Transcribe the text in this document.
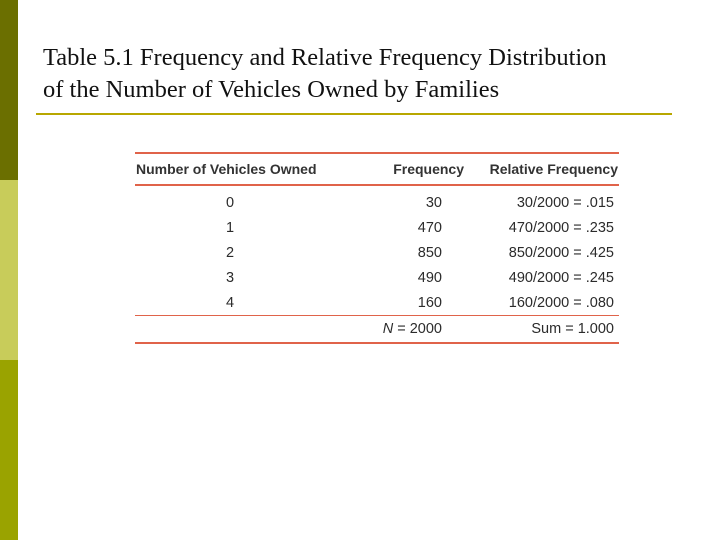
Table 5.1 Frequency and Relative Frequency Distribution
of the Number of Vehicles Owned by Families

Number of Vehicles Owned	Frequency	Relative Frequency

0	30	30/2000 = .015
1	470	470/2000 = .235
2	850	850/2000 = .425
3	490	490/2000 = .245
4	160	160/2000 = .080

	N = 2000	Sum = 1.000
